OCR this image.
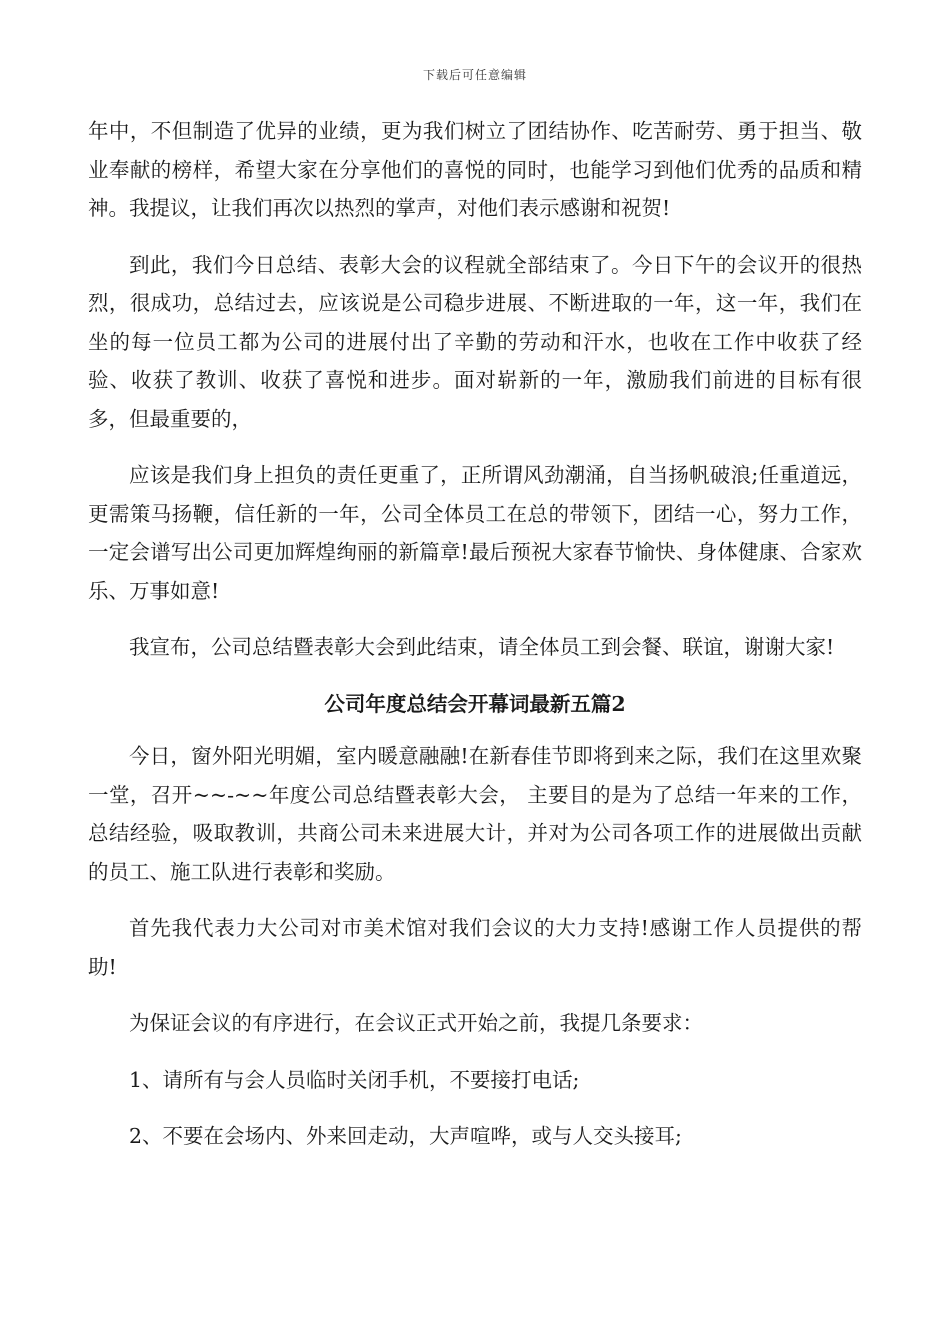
下载后可任意编辑

年中，不但制造了优异的业绩，更为我们树立了团结协作、吃苦耐劳、勇于担当、敬业奉献的榜样，希望大家在分享他们的喜悦的同时，也能学习到他们优秀的品质和精神。我提议，让我们再次以热烈的掌声，对他们表示感谢和祝贺!

到此，我们今日总结、表彰大会的议程就全部结束了。今日下午的会议开的很热烈，很成功，总结过去，应该说是公司稳步进展、不断进取的一年，这一年，我们在坐的每一位员工都为公司的进展付出了辛勤的劳动和汗水，也收在工作中收获了经验、收获了教训、收获了喜悦和进步。面对崭新的一年，激励我们前进的目标有很多，但最重要的，

应该是我们身上担负的责任更重了，正所谓风劲潮涌，自当扬帆破浪;任重道远，更需策马扬鞭，信任新的一年，公司全体员工在总的带领下，团结一心，努力工作，一定会谱写出公司更加辉煌绚丽的新篇章!最后预祝大家春节愉快、身体健康、合家欢乐、万事如意!

我宣布，公司总结暨表彰大会到此结束，请全体员工到会餐、联谊，谢谢大家!

公司年度总结会开幕词最新五篇2

今日，窗外阳光明媚，室内暖意融融!在新春佳节即将到来之际，我们在这里欢聚一堂，召开~~-~~年度公司总结暨表彰大会， 主要目的是为了总结一年来的工作，总结经验，吸取教训，共商公司未来进展大计，并对为公司各项工作的进展做出贡献的员工、施工队进行表彰和奖励。

首先我代表力大公司对市美术馆对我们会议的大力支持!感谢工作人员提供的帮助!

为保证会议的有序进行，在会议正式开始之前，我提几条要求：

1、请所有与会人员临时关闭手机，不要接打电话;

2、不要在会场内、外来回走动，大声喧哗，或与人交头接耳;
